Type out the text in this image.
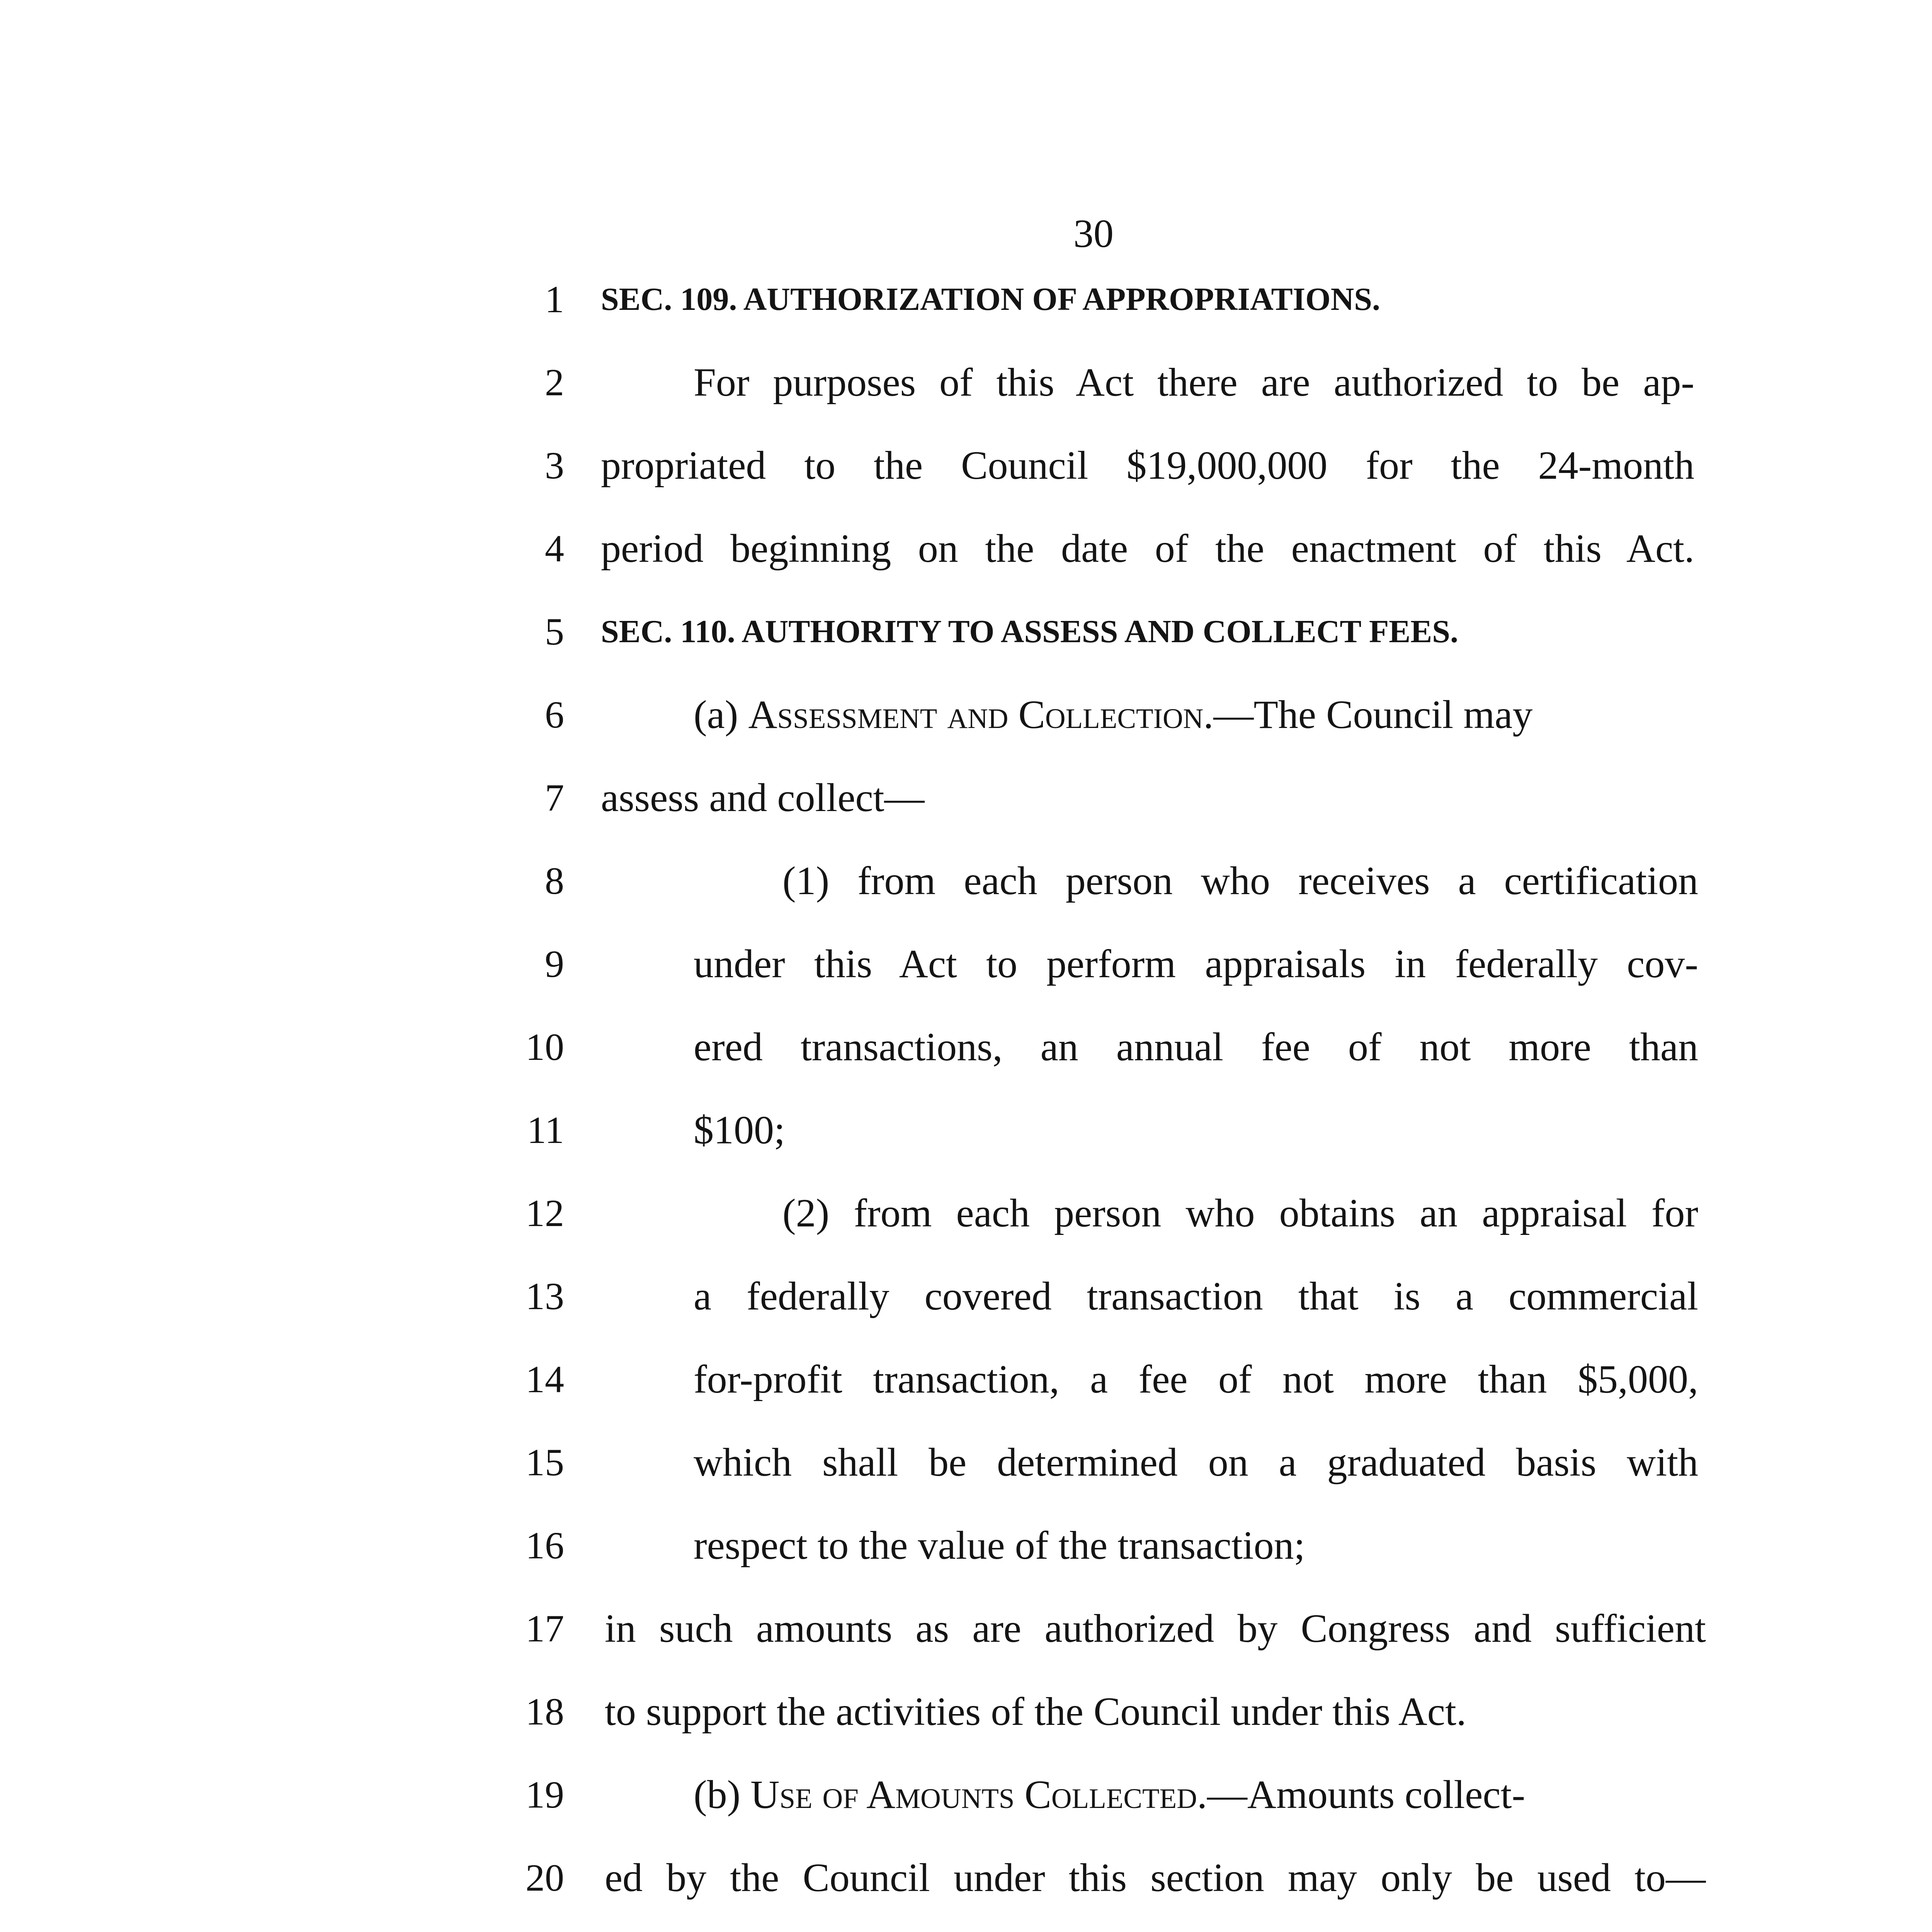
30
1 SEC. 109. AUTHORIZATION OF APPROPRIATIONS.
2	For purposes of this Act there are authorized to be ap-
3 propriated to the Council $19,000,000 for the 24-month
4 period beginning on the date of the enactment of this Act.
5 SEC. 110. AUTHORITY TO ASSESS AND COLLECT FEES.
6	(a) Assessment and Collection.—The Council may
7 assess and collect—
8	(1) from each person who receives a certification
9	under this Act to perform appraisals in federally cov-
10	ered transactions, an annual fee of not more than
11	$100;
12	(2) from each person who obtains an appraisal for
13	a federally covered transaction that is a commercial
14	for-profit transaction, a fee of not more than $5,000,
15	which shall be determined on a graduated basis with
16	respect to the value of the transaction;
17 in such amounts as are authorized by Congress and sufficient
18 to support the activities of the Council under this Act.
19	(b) Use of Amounts Collected.—Amounts collect-
20 ed by the Council under this section may only be used to—
